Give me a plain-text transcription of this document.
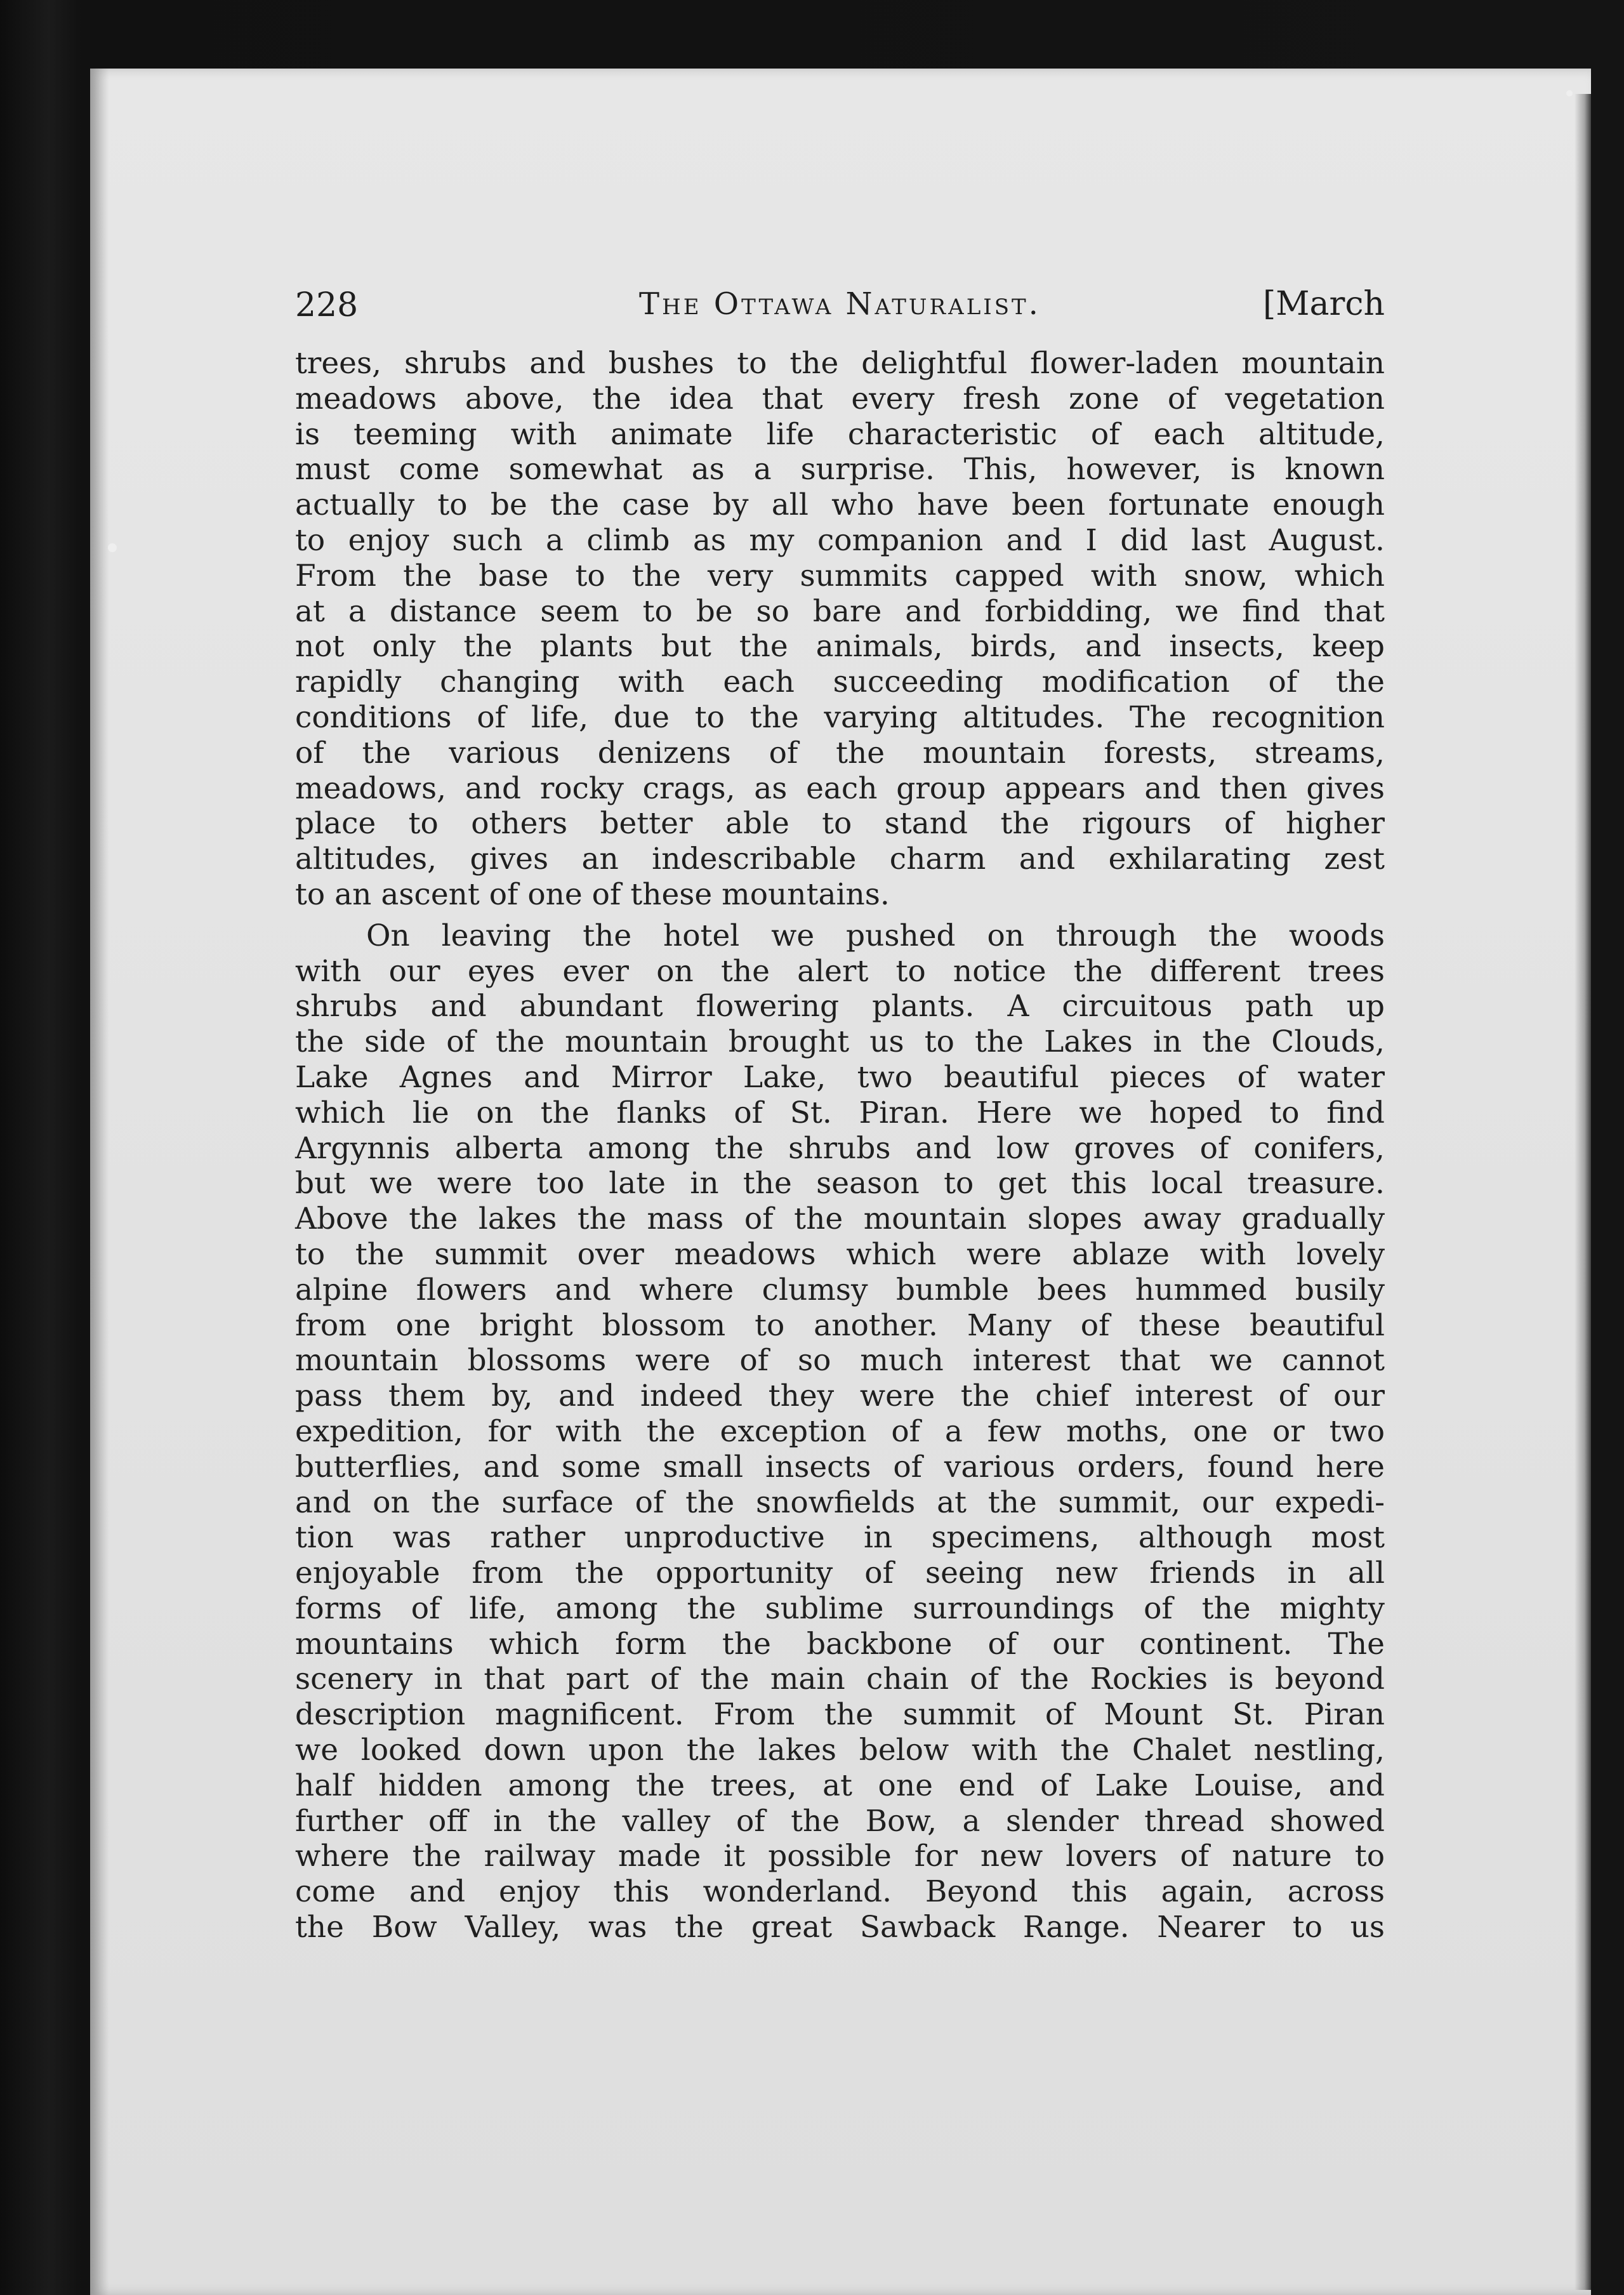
228	The Ottawa Naturalist.	[March

trees, shrubs and bushes to the delightful flower-laden mountain
meadows above, the idea that every fresh zone of vegetation
is teeming with animate life characteristic of each altitude,
must come somewhat as a surprise. This, however, is known
actually to be the case by all who have been fortunate enough
to enjoy such a climb as my companion and I did last August.
From the base to the very summits capped with snow, which
at a distance seem to be so bare and forbidding, we find that
not only the plants but the animals, birds, and insects, keep
rapidly changing with each succeeding modification of the
conditions of life, due to the varying altitudes. The recognition
of the various denizens of the mountain forests, streams,
meadows, and rocky crags, as each group appears and then gives
place to others better able to stand the rigours of higher
altitudes, gives an indescribable charm and exhilarating zest
to an ascent of one of these mountains.

On leaving the hotel we pushed on through the woods
with our eyes ever on the alert to notice the different trees
shrubs and abundant flowering plants. A circuitous path up
the side of the mountain brought us to the Lakes in the Clouds,
Lake Agnes and Mirror Lake, two beautiful pieces of water
which lie on the flanks of St. Piran. Here we hoped to find
Argynnis alberta among the shrubs and low groves of conifers,
but we were too late in the season to get this local treasure.
Above the lakes the mass of the mountain slopes away gradually
to the summit over meadows which were ablaze with lovely
alpine flowers and where clumsy bumble bees hummed busily
from one bright blossom to another. Many of these beautiful
mountain blossoms were of so much interest that we cannot
pass them by, and indeed they were the chief interest of our
expedition, for with the exception of a few moths, one or two
butterflies, and some small insects of various orders, found here
and on the surface of the snowfields at the summit, our expedi-
tion was rather unproductive in specimens, although most
enjoyable from the opportunity of seeing new friends in all
forms of life, among the sublime surroundings of the mighty
mountains which form the backbone of our continent. The
scenery in that part of the main chain of the Rockies is beyond
description magnificent. From the summit of Mount St. Piran
we looked down upon the lakes below with the Chalet nestling,
half hidden among the trees, at one end of Lake Louise, and
further off in the valley of the Bow, a slender thread showed
where the railway made it possible for new lovers of nature to
come and enjoy this wonderland. Beyond this again, across
the Bow Valley, was the great Sawback Range. Nearer to us
